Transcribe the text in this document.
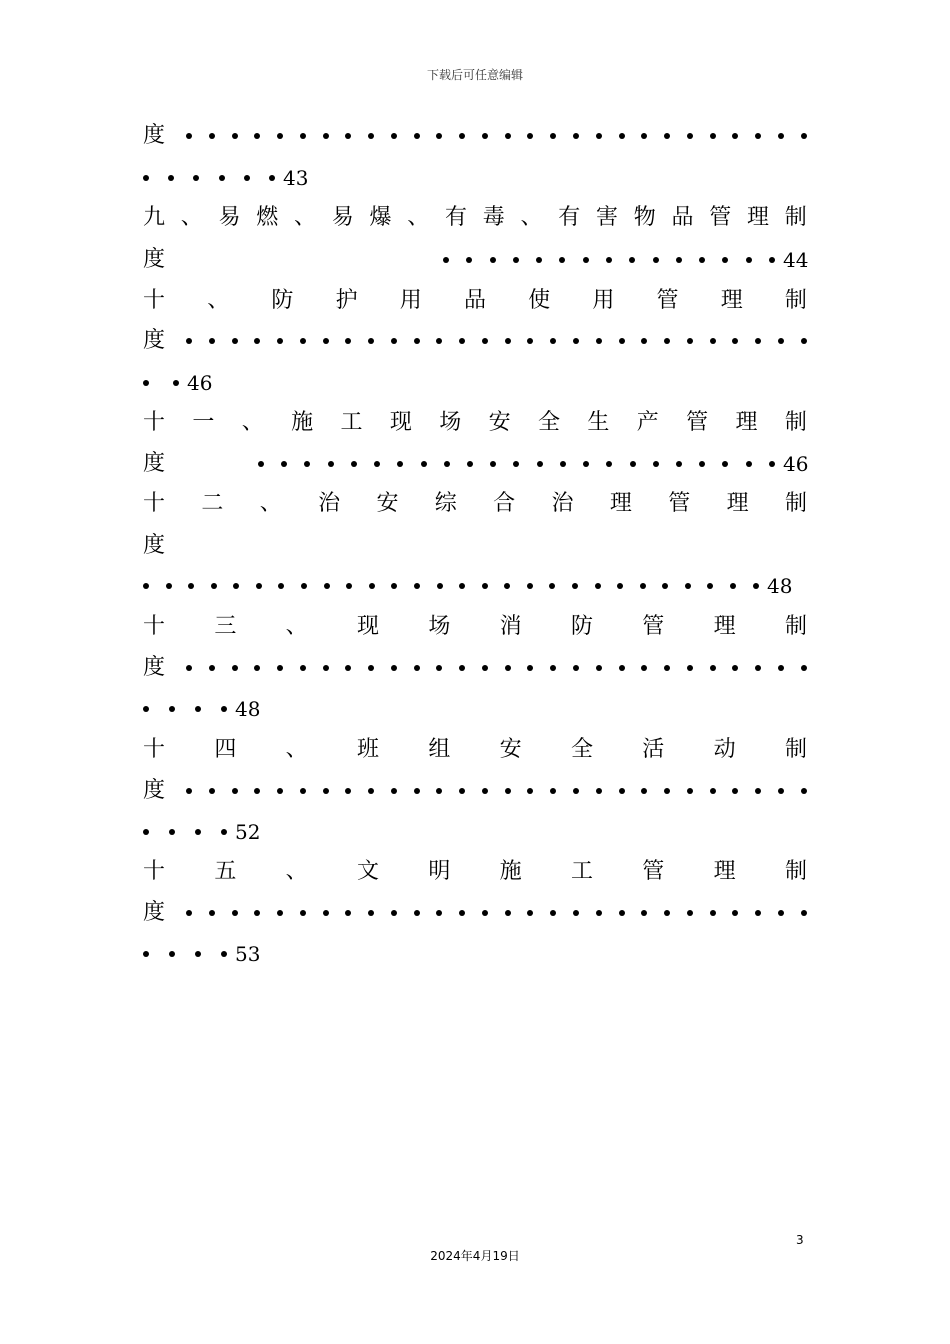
下载后可任意编辑
度
43
九 、 易 燃 、 易 爆 、 有 毒 、 有 害 物 品 管 理 制
度	44
十 、 防 护 用 品 使 用 管 理 制
度
46
十 一 、 施 工 现 场 安 全 生 产 管 理 制
度	46
十 二 、 治 安 综 合 治 理 管 理 制
度
48
十 三 、 现 场 消 防 管 理 制
度
48
十 四 、 班 组 安 全 活 动 制
度
52
十 五 、 文 明 施 工 管 理 制
度
53
3
2024年4月19日
